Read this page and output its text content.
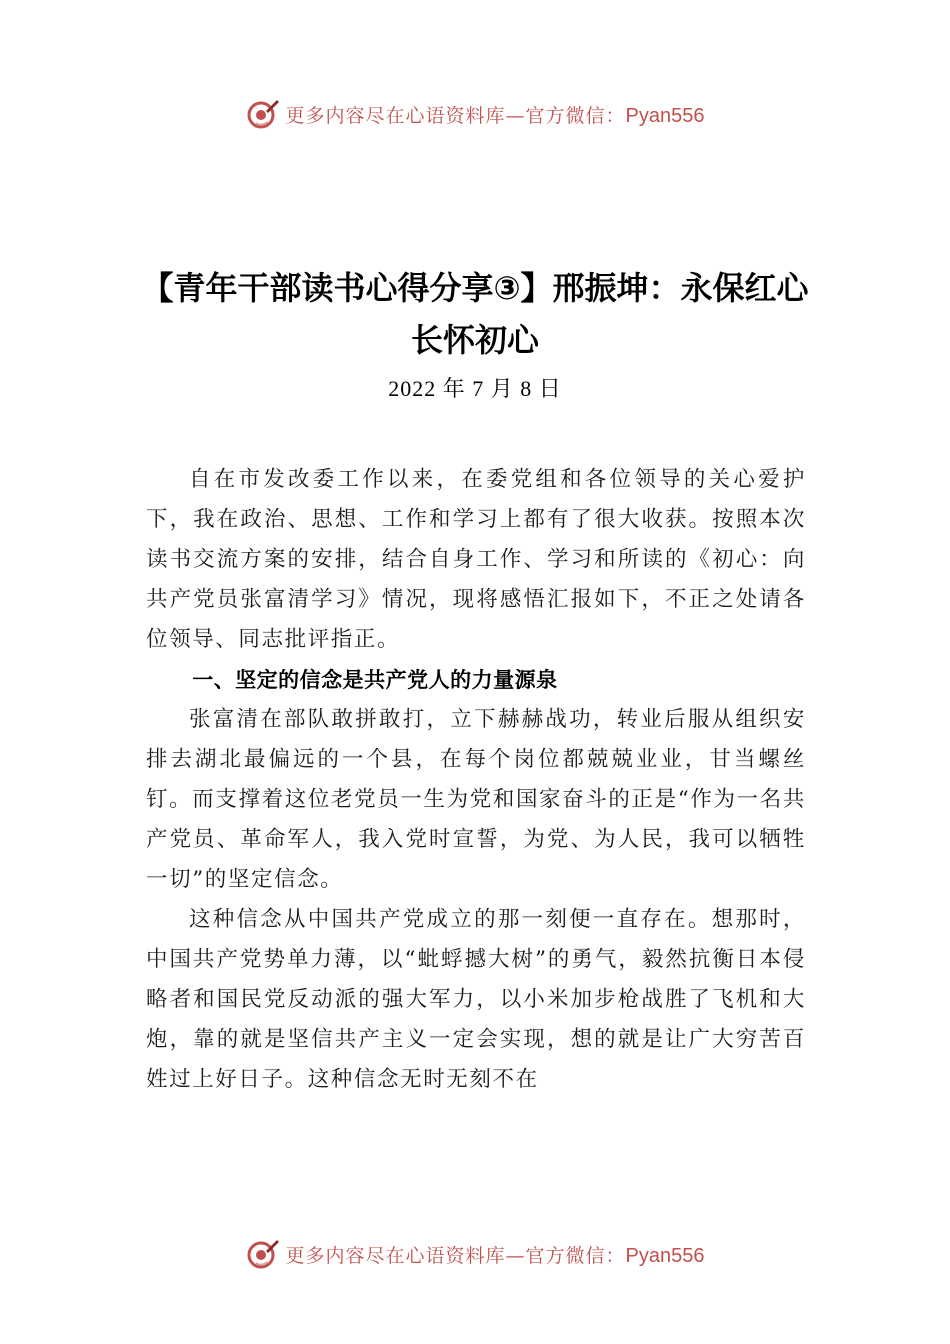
更多内容尽在心语资料库—官方微信：Pyan556
【青年干部读书心得分享③】邢振坤：永保红心 长怀初心
2022 年 7 月 8 日

自在市发改委工作以来，在委党组和各位领导的关心爱护下，我在政治、思想、工作和学习上都有了很大收获。按照本次读书交流方案的安排，结合自身工作、学习和所读的《初心：向共产党员张富清学习》情况，现将感悟汇报如下，不正之处请各位领导、同志批评指正。

一、坚定的信念是共产党人的力量源泉

张富清在部队敢拼敢打，立下赫赫战功，转业后服从组织安排去湖北最偏远的一个县，在每个岗位都兢兢业业，甘当螺丝钉。而支撑着这位老党员一生为党和国家奋斗的正是“作为一名共产党员、革命军人，我入党时宣誓，为党、为人民，我可以牺牲一切”的坚定信念。

这种信念从中国共产党成立的那一刻便一直存在。想那时，中国共产党势单力薄，以“蚍蜉撼大树”的勇气，毅然抗衡日本侵略者和国民党反动派的强大军力，以小米加步枪战胜了飞机和大炮，靠的就是坚信共产主义一定会实现，想的就是让广大穷苦百姓过上好日子。这种信念无时无刻不在

更多内容尽在心语资料库—官方微信：Pyan556
